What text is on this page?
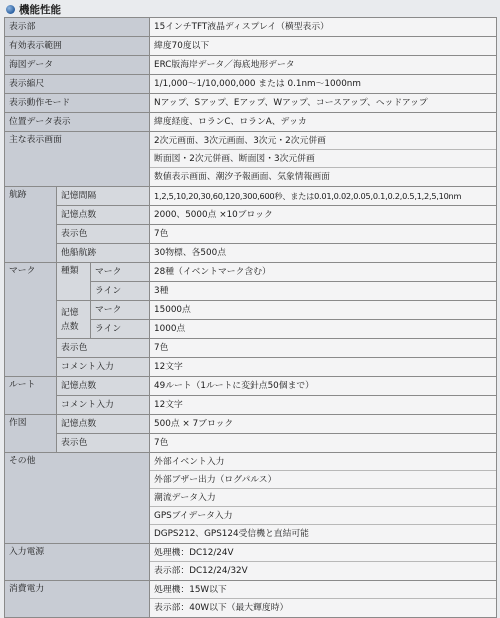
機能性能
表示部			15インチTFT液晶ディスプレイ（横型表示）
有効表示範囲			緯度70度以下
海図データ			ERC版海岸データ／海底地形データ
表示縮尺			1/1,000～1/10,000,000 または 0.1nm～1000nm
表示動作モード			Nアップ、Sアップ、Eアップ、Wアップ、コースアップ、ヘッドアップ
位置データ表示			緯度経度、ロランC、ロランA、デッカ
主な表示画面			2次元画面、3次元画面、3次元・2次元併画
断面図・2次元併画、断面図・3次元併画
数値表示画面、潮汐予報画面、気象情報画面

航跡	記憶間隔		1,2,5,10,20,30,60,120,300,600秒、または0.01,0.02,0.05,0.1,0.2,0.5,1,2,5,10nm
	記憶点数		2000、5000点 ×10ブロック
	表示色		7色
	他船航跡		30物標、各500点
マーク	種類	マーク	28種（イベントマーク含む）
		ライン	3種
	記憶点数	マーク	15000点
		ライン	1000点
	表示色		7色
	コメント入力		12文字
ルート	記憶点数		49ルート（1ルートに変針点50個まで）
	コメント入力		12文字
作図	記憶点数		500点 × 7ブロック
	表示色		7色
その他			外部イベント入力
外部ブザー出力（ログパルス）
潮流データ入力
GPSブイデータ入力
DGPS212、GPS124受信機と直結可能

入力電源			処理機：DC12/24V
表示部：DC12/24/32V

消費電力			処理機：15W以下
表示部：40W以下（最大輝度時）
